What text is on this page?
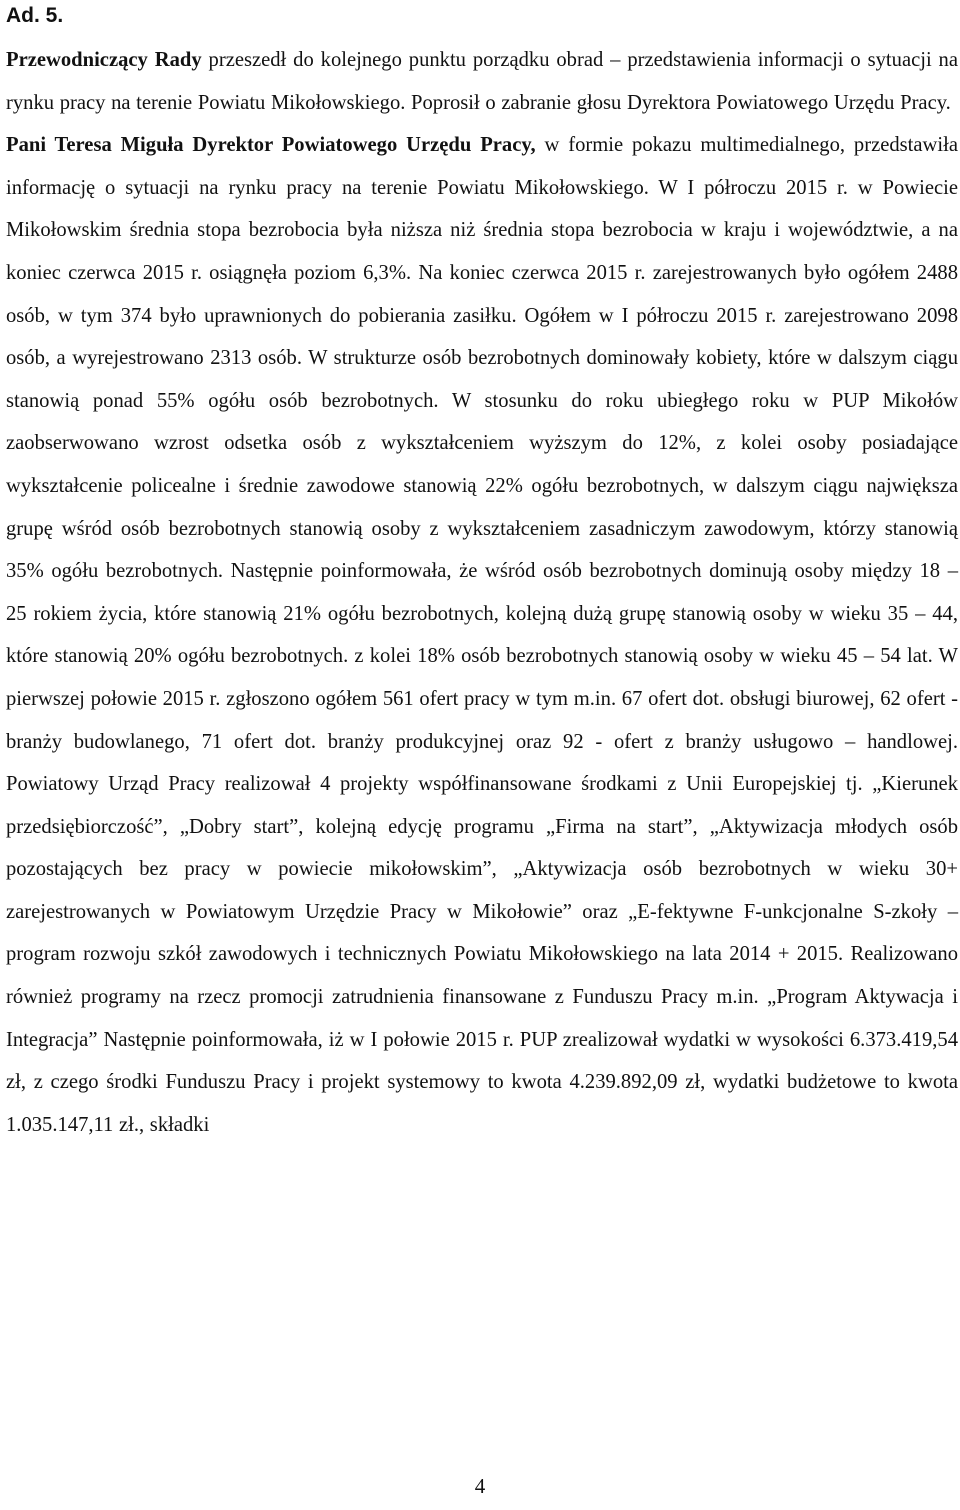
Ad. 5.

Przewodniczący Rady przeszedł do kolejnego punktu porządku obrad – przedstawienia informacji o sytuacji na rynku pracy na terenie Powiatu Mikołowskiego. Poprosił o zabranie głosu Dyrektora Powiatowego Urzędu Pracy.

Pani Teresa Miguła Dyrektor Powiatowego Urzędu Pracy, w formie pokazu multimedialnego, przedstawiła informację o sytuacji na rynku pracy na terenie Powiatu Mikołowskiego. W I półroczu 2015 r. w Powiecie Mikołowskim średnia stopa bezrobocia była niższa niż średnia stopa bezrobocia w kraju i województwie, a na koniec czerwca 2015 r. osiągnęła poziom 6,3%. Na koniec czerwca 2015 r. zarejestrowanych było ogółem 2488 osób, w tym 374 było uprawnionych do pobierania zasiłku. Ogółem w I półroczu 2015 r. zarejestrowano 2098 osób, a wyrejestrowano 2313 osób. W strukturze osób bezrobotnych dominowały kobiety, które w dalszym ciągu stanowią ponad 55% ogółu osób bezrobotnych. W stosunku do roku ubiegłego roku w PUP Mikołów zaobserwowano wzrost odsetka osób z wykształceniem wyższym do 12%, z kolei osoby posiadające wykształcenie policealne i średnie zawodowe stanowią 22% ogółu bezrobotnych, w dalszym ciągu największa grupę wśród osób bezrobotnych stanowią osoby z wykształceniem zasadniczym zawodowym, którzy stanowią 35% ogółu bezrobotnych. Następnie poinformowała, że wśród osób bezrobotnych dominują osoby między 18 – 25 rokiem życia, które stanowią 21% ogółu bezrobotnych, kolejną dużą grupę stanowią osoby w wieku 35 – 44, które stanowią 20% ogółu bezrobotnych. z kolei 18% osób bezrobotnych stanowią osoby w wieku 45 – 54 lat. W pierwszej połowie 2015 r. zgłoszono ogółem 561 ofert pracy w tym m.in. 67 ofert dot. obsługi biurowej, 62 ofert - branży budowlanego, 71 ofert dot. branży produkcyjnej oraz 92 - ofert z branży usługowo – handlowej. Powiatowy Urząd Pracy realizował 4 projekty współfinansowane środkami z Unii Europejskiej tj. „Kierunek przedsiębiorczość”, „Dobry start”, kolejną edycję programu „Firma na start”, „Aktywizacja młodych osób pozostających bez pracy w powiecie mikołowskim”, „Aktywizacja osób bezrobotnych w wieku 30+ zarejestrowanych w Powiatowym Urzędzie Pracy w Mikołowie” oraz „E-fektywne F-unkcjonalne S-zkoły – program rozwoju szkół zawodowych i technicznych Powiatu Mikołowskiego na lata 2014 + 2015. Realizowano również programy na rzecz promocji zatrudnienia finansowane z Funduszu Pracy m.in. „Program Aktywacja i Integracja” Następnie poinformowała, iż w I połowie 2015 r. PUP zrealizował wydatki w wysokości 6.373.419,54 zł, z czego środki Funduszu Pracy i projekt systemowy to kwota 4.239.892,09 zł, wydatki budżetowe to kwota 1.035.147,11 zł., składki

4
